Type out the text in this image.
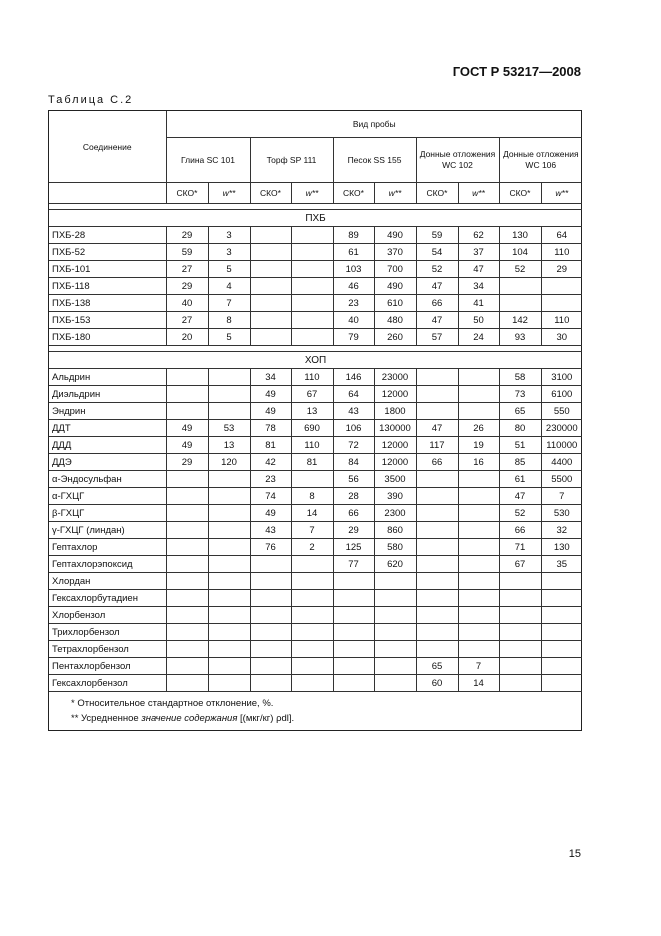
ГОСТ Р 53217—2008
Таблица С.2
Соединение	Вид пробы									
	Глина SC 101		Торф SP 111		Песок SS 155		Донные отложения WC 102		Донные отложения WC 106	
	СКО*	w**	СКО*	w**	СКО*	w**	СКО*	w**	СКО*	w**

ПХБ										
ПХБ-28	29	3			89	490	59	62	130	64
ПХБ-52	59	3			61	370	54	37	104	110
ПХБ-101	27	5			103	700	52	47	52	29
ПХБ-118	29	4			46	490	47	34		
ПХБ-138	40	7			23	610	66	41		
ПХБ-153	27	8			40	480	47	50	142	110
ПХБ-180	20	5			79	260	57	24	93	30

ХОП										
Альдрин			34	110	146	23000			58	3100
Диэльдрин			49	67	64	12000			73	6100
Эндрин			49	13	43	1800			65	550
ДДТ	49	53	78	690	106	130000	47	26	80	230000
ДДД	49	13	81	110	72	12000	117	19	51	110000
ДДЭ	29	120	42	81	84	12000	66	16	85	4400
α-Эндосульфан			23		56	3500			61	5500
α-ГХЦГ			74	8	28	390			47	7
β-ГХЦГ			49	14	66	2300			52	530
γ-ГХЦГ (линдан)			43	7	29	860			66	32
Гептахлор			76	2	125	580			71	130
Гептахлорэпоксид					77	620			67	35
Хлордан										
Гексахлорбутадиен										
Хлорбензол										
Трихлорбензол										
Тетрахлорбензол										
Пентахлорбензол							65	7		
Гексахлорбензол							60	14		
* Относительное стандартное отклонение, %.
** Усредненное значение содержания [(мкг/кг) ρdl].
15
